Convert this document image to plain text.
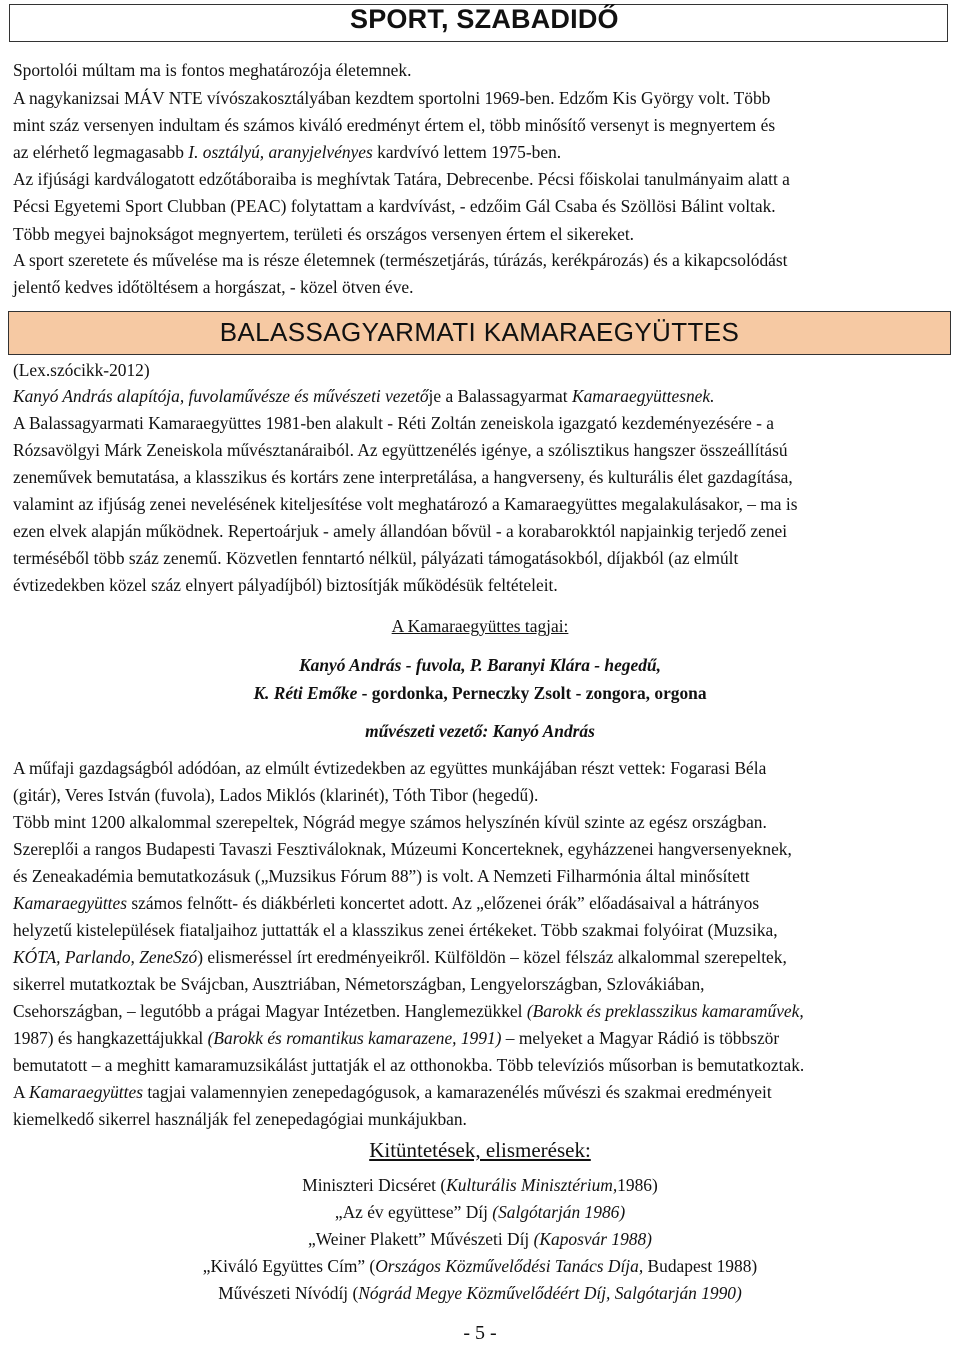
SPORT, SZABADIDŐ
Sportolói múltam ma is fontos meghatározója életemnek.
A nagykanizsai MÁV NTE vívószakosztályában kezdtem sportolni 1969-ben. Edzőm Kis György volt. Több
mint száz versenyen indultam és számos kiváló eredményt értem el, több minősítő versenyt is megnyertem és
az elérhető legmagasabb I. osztályú, aranyjelvényes kardvívó lettem 1975-ben.
Az ifjúsági kardválogatott edzőtáboraiba is meghívtak Tatára, Debrecenbe. Pécsi főiskolai tanulmányaim alatt a
Pécsi Egyetemi Sport Clubban (PEAC) folytattam a kardvívást, - edzőim Gál Csaba és Szöllösi Bálint voltak.
Több megyei bajnokságot megnyertem, területi és országos versenyen értem el sikereket.
A sport szeretete és művelése ma is része életemnek (természetjárás, túrázás, kerékpározás) és a kikapcsolódást
jelentő kedves időtöltésem a horgászat, - közel ötven éve.
BALASSAGYARMATI KAMARAEGYÜTTES
(Lex.szócikk-2012)
Kanyó András alapítója, fuvolaművésze és művészeti vezetője a Balassagyarmat Kamaraegyüttesnek.
A Balassagyarmati Kamaraegyüttes 1981-ben alakult - Réti Zoltán zeneiskola igazgató kezdeményezésére - a
Rózsavölgyi Márk Zeneiskola művésztanáraiból. Az együttzenélés igénye, a szólisztikus hangszer összeállítású
zeneművek bemutatása, a klasszikus és kortárs zene interpretálása, a hangverseny, és kulturális élet gazdagítása,
valamint az ifjúság zenei nevelésének kiteljesítése volt meghatározó a Kamaraegyüttes megalakulásakor, – ma is
ezen elvek alapján működnek. Repertoárjuk - amely állandóan bővül - a korabarokktól napjainkig terjedő zenei
terméséből több száz zenemű. Közvetlen fenntartó nélkül, pályázati támogatásokból, díjakból (az elmúlt
évtizedekben közel száz elnyert pályadíjból) biztosítják működésük feltételeit.
A Kamaraegyüttes tagjai:
Kanyó András - fuvola, P. Baranyi Klára - hegedű,
K. Réti Emőke - gordonka, Perneczky Zsolt - zongora, orgona
művészeti vezető: Kanyó András
A műfaji gazdagságból adódóan, az elmúlt évtizedekben az együttes munkájában részt vettek: Fogarasi Béla
(gitár), Veres István (fuvola), Lados Miklós (klarinét), Tóth Tibor (hegedű).
Több mint 1200 alkalommal szerepeltek, Nógrád megye számos helyszínén kívül szinte az egész országban.
Szereplői a rangos Budapesti Tavaszi Fesztiváloknak, Múzeumi Koncerteknek, egyházzenei hangversenyeknek,
és Zeneakadémia bemutatkozásuk („Muzsikus Fórum 88”) is volt. A Nemzeti Filharmónia által minősített
Kamaraegyüttes számos felnőtt- és diákbérleti koncertet adott. Az „előzenei órák” előadásaival a hátrányos
helyzetű kistelepülések fiataljaihoz juttatták el a klasszikus zenei értékeket. Több szakmai folyóirat (Muzsika,
KÓTA, Parlando, ZeneSzó) elismeréssel írt eredményeikről. Külföldön – közel félszáz alkalommal szerepeltek,
sikerrel mutatkoztak be Svájcban, Ausztriában, Németországban, Lengyelországban, Szlovákiában,
Csehországban, – legutóbb a prágai Magyar Intézetben. Hanglemezükkel (Barokk és preklasszikus kamaraművek,
1987) és hangkazettájukkal (Barokk és romantikus kamarazene, 1991) – melyeket a Magyar Rádió is többször
bemutatott – a meghitt kamaramuzsikálást juttatják el az otthonokba. Több televíziós műsorban is bemutatkoztak.
A Kamaraegyüttes tagjai valamennyien zenepedagógusok, a kamarazenélés művészi és szakmai eredményeit
kiemelkedő sikerrel használják fel zenepedagógiai munkájukban.
Kitüntetések, elismerések:
Miniszteri Dicséret (Kulturális Minisztérium,1986)
„Az év együttese” Díj (Salgótarján 1986)
„Weiner Plakett” Művészeti Díj (Kaposvár 1988)
„Kiváló Együttes Cím” (Országos Közművelődési Tanács Díja, Budapest 1988)
Művészeti Nívódíj (Nógrád Megye Közművelődéért Díj, Salgótarján 1990)
- 5 -
